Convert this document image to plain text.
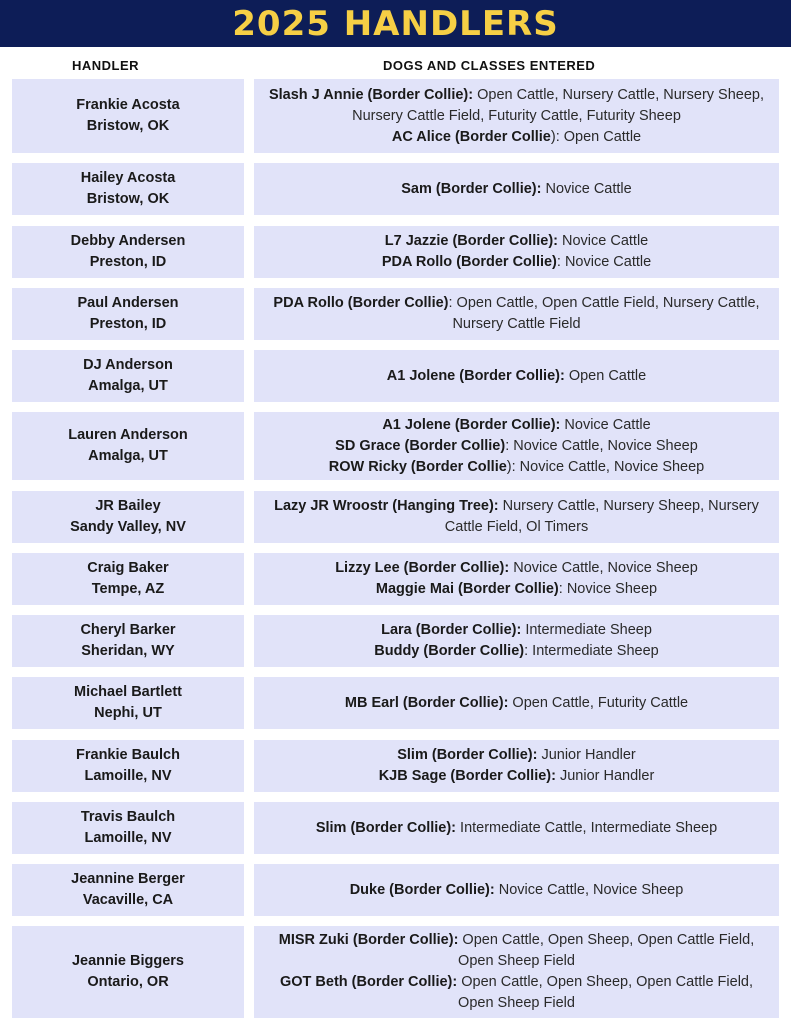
2025 HANDLERS
HANDLER	DOGS AND CLASSES ENTERED
Frankie Acosta
Bristow, OK
Slash J Annie (Border Collie): Open Cattle, Nursery Cattle, Nursery Sheep, Nursery Cattle Field, Futurity Cattle, Futurity Sheep
AC Alice (Border Collie): Open Cattle
Hailey Acosta
Bristow, OK
Sam (Border Collie): Novice Cattle
Debby Andersen
Preston, ID
L7 Jazzie (Border Collie): Novice Cattle
PDA Rollo (Border Collie): Novice Cattle
Paul Andersen
Preston, ID
PDA Rollo (Border Collie): Open Cattle, Open Cattle Field, Nursery Cattle, Nursery Cattle Field
DJ Anderson
Amalga, UT
A1 Jolene (Border Collie): Open Cattle
Lauren Anderson
Amalga, UT
A1 Jolene (Border Collie): Novice Cattle
SD Grace (Border Collie): Novice Cattle, Novice Sheep
ROW Ricky (Border Collie): Novice Cattle, Novice Sheep
JR Bailey
Sandy Valley, NV
Lazy JR Wroostr (Hanging Tree): Nursery Cattle, Nursery Sheep, Nursery Cattle Field, Ol Timers
Craig Baker
Tempe, AZ
Lizzy Lee (Border Collie): Novice Cattle, Novice Sheep
Maggie Mai (Border Collie): Novice Sheep
Cheryl Barker
Sheridan, WY
Lara (Border Collie): Intermediate Sheep
Buddy (Border Collie): Intermediate Sheep
Michael Bartlett
Nephi, UT
MB Earl (Border Collie): Open Cattle, Futurity Cattle
Frankie Baulch
Lamoille, NV
Slim (Border Collie): Junior Handler
KJB Sage (Border Collie): Junior Handler
Travis Baulch
Lamoille, NV
Slim (Border Collie): Intermediate Cattle, Intermediate Sheep
Jeannine Berger
Vacaville, CA
Duke (Border Collie): Novice Cattle, Novice Sheep
Jeannie Biggers
Ontario, OR
MISR Zuki (Border Collie): Open Cattle, Open Sheep, Open Cattle Field, Open Sheep Field
GOT Beth (Border Collie): Open Cattle, Open Sheep, Open Cattle Field, Open Sheep Field
